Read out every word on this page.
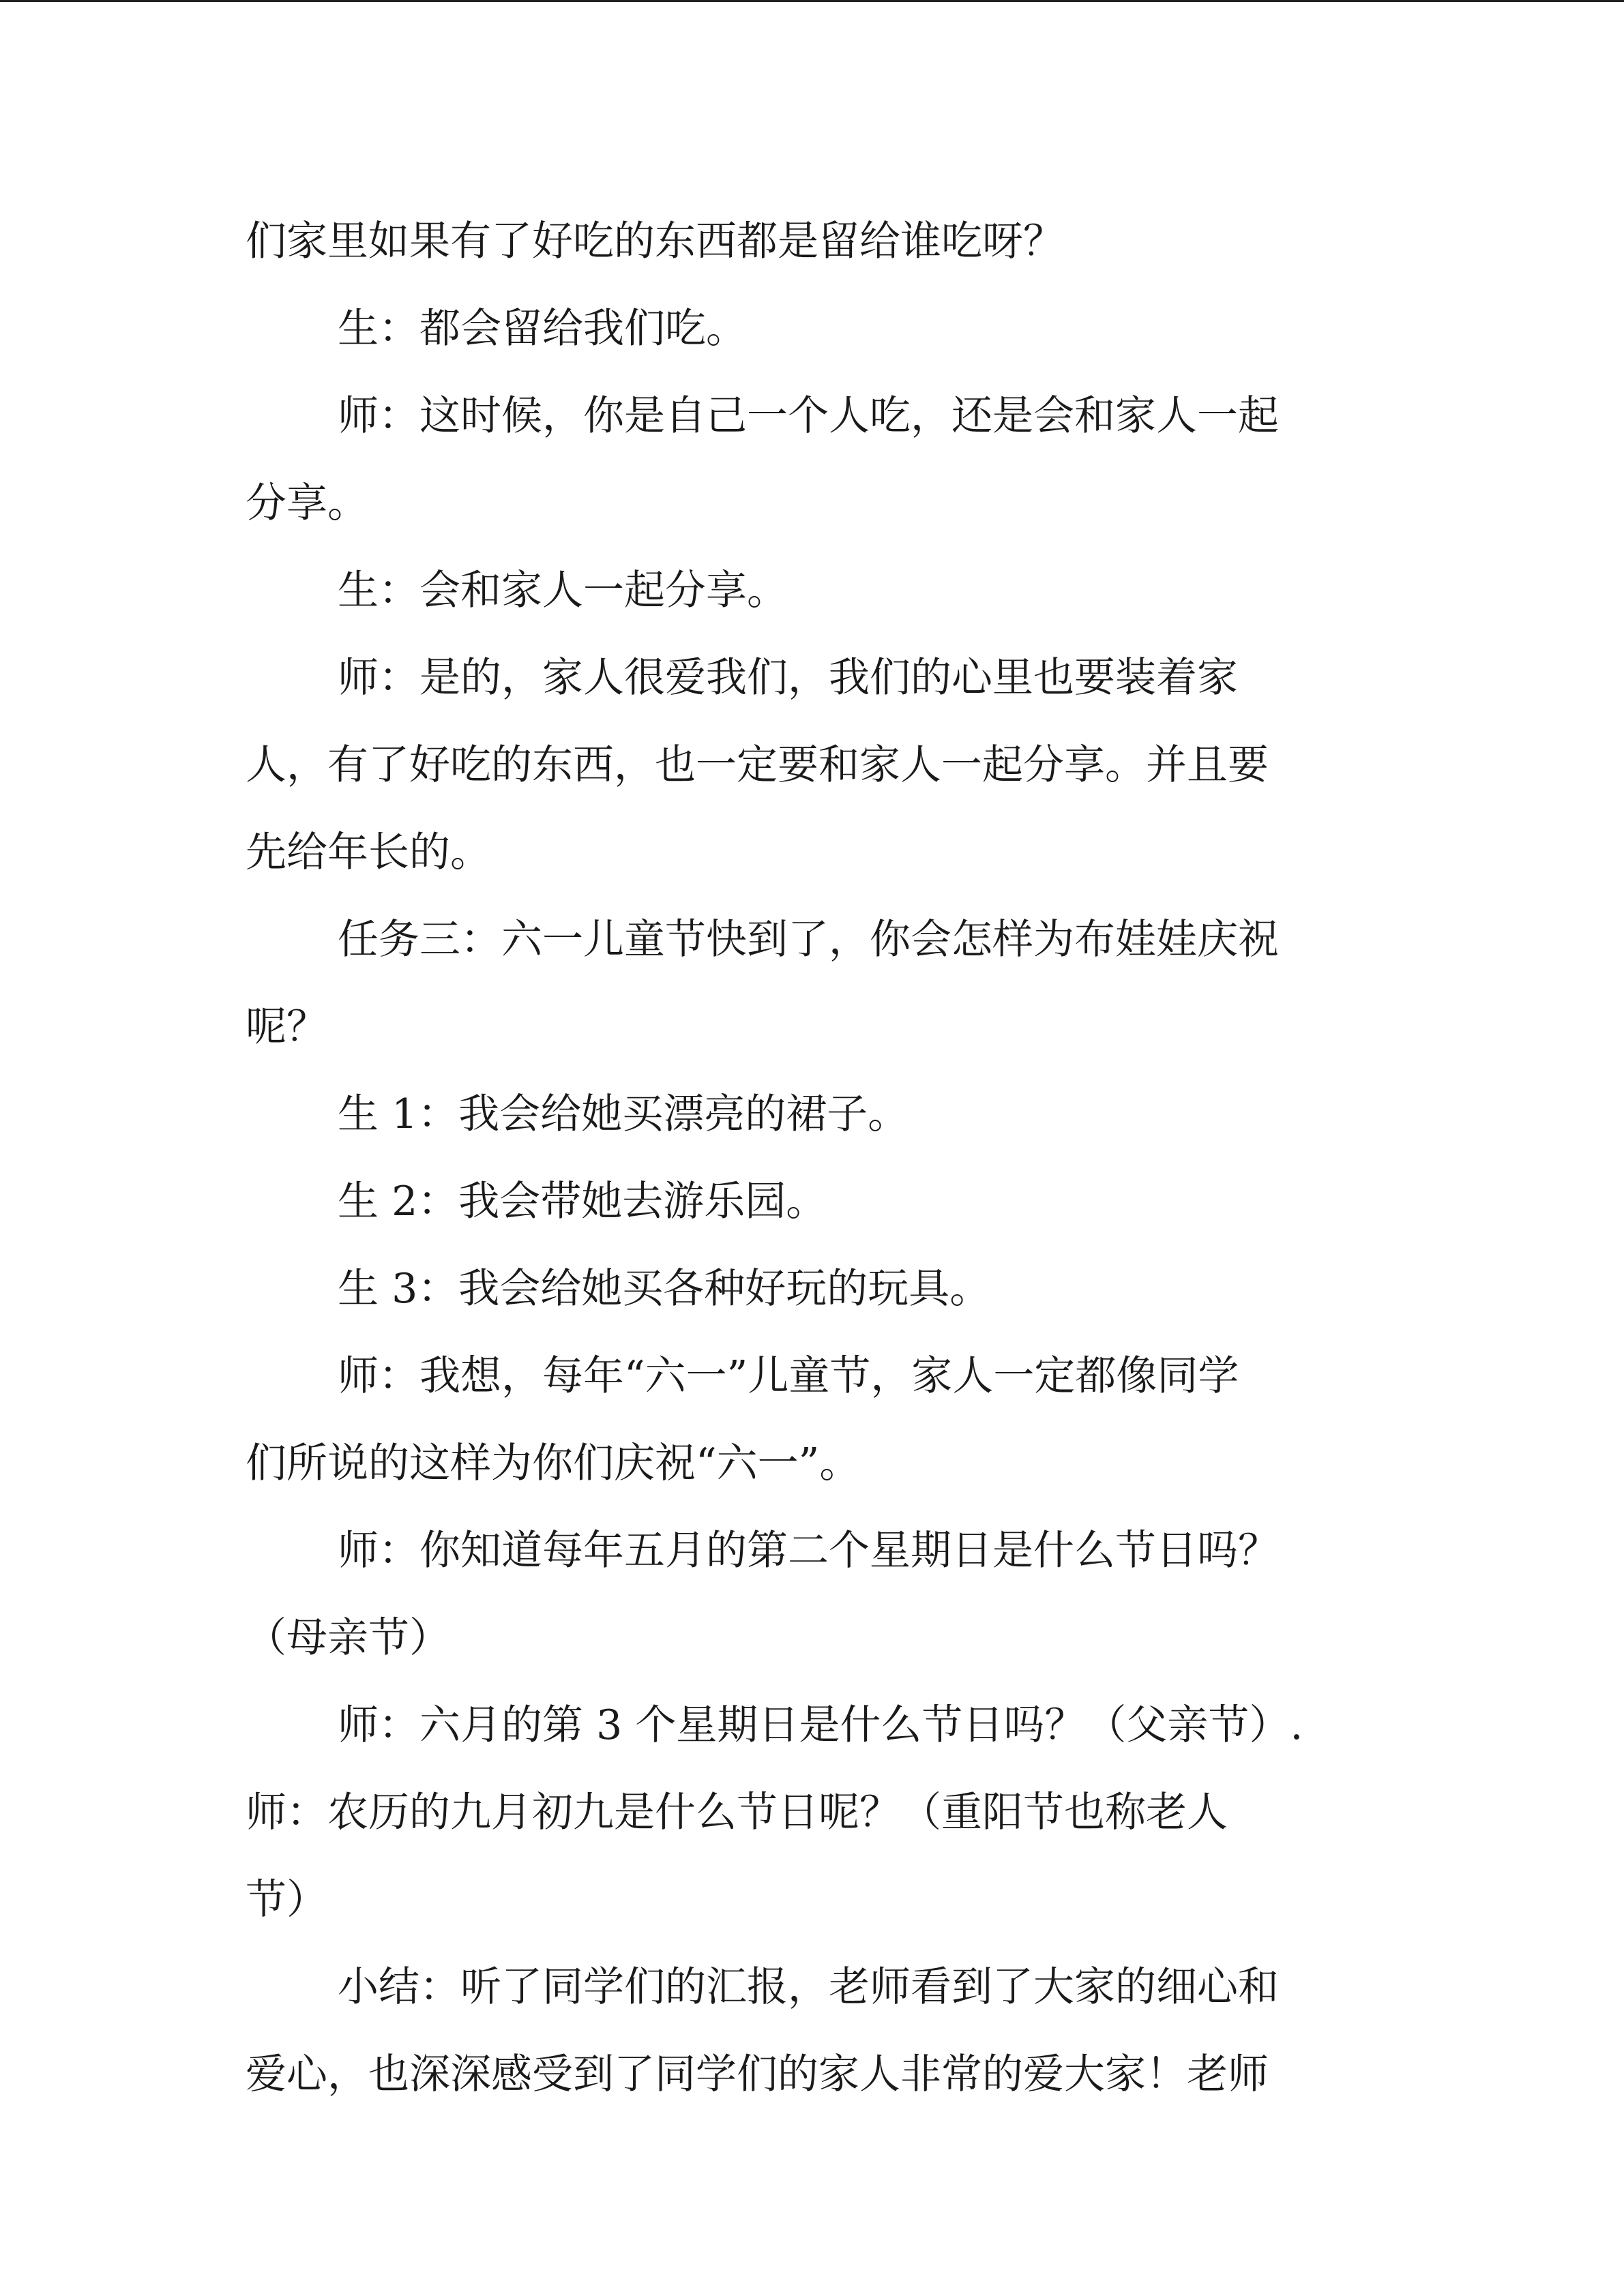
们家里如果有了好吃的东西都是留给谁吃呀？
生：都会留给我们吃。
师：这时候，你是自己一个人吃，还是会和家人一起
分享。
生：会和家人一起分享。
师：是的，家人很爱我们，我们的心里也要装着家
人，有了好吃的东西，也一定要和家人一起分享。并且要
先给年长的。
任务三：六一儿童节快到了，你会怎样为布娃娃庆祝
呢？
生 1：我会给她买漂亮的裙子。
生 2：我会带她去游乐园。
生 3：我会给她买各种好玩的玩具。
师：我想，每年“六一”儿童节，家人一定都像同学
们所说的这样为你们庆祝“六一”。
师：你知道每年五月的第二个星期日是什么节日吗？
（母亲节）
师：六月的第 3 个星期日是什么节日吗？（父亲节）.
师：农历的九月初九是什么节日呢？（重阳节也称老人
节）
小结：听了同学们的汇报，老师看到了大家的细心和
爱心，也深深感受到了同学们的家人非常的爱大家！老师
